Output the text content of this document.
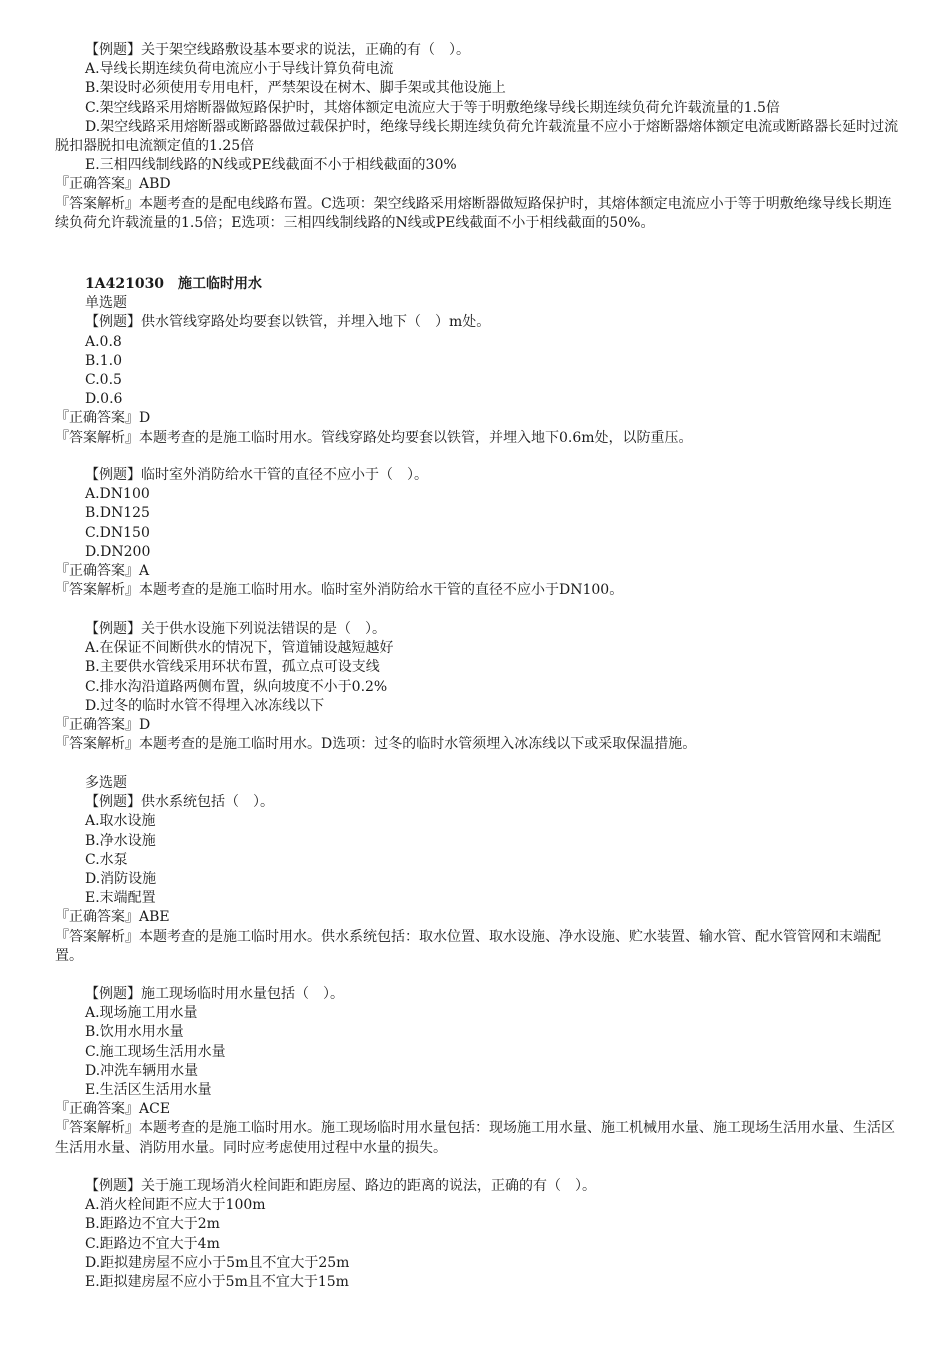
【例题】关于架空线路敷设基本要求的说法，正确的有（　）。
A.导线长期连续负荷电流应小于导线计算负荷电流
B.架设时必须使用专用电杆，严禁架设在树木、脚手架或其他设施上
C.架空线路采用熔断器做短路保护时，其熔体额定电流应大于等于明敷绝缘导线长期连续负荷允许载流量的1.5倍
D.架空线路采用熔断器或断路器做过载保护时，绝缘导线长期连续负荷允许载流量不应小于熔断器熔体额定电流或断路器长延时过流脱扣器脱扣电流额定值的1.25倍
E.三相四线制线路的N线或PE线截面不小于相线截面的30%
『正确答案』ABD
『答案解析』本题考查的是配电线路布置。C选项：架空线路采用熔断器做短路保护时，其熔体额定电流应小于等于明敷绝缘导线长期连续负荷允许载流量的1.5倍；E选项：三相四线制线路的N线或PE线截面不小于相线截面的50%。
1A421030　施工临时用水
单选题
【例题】供水管线穿路处均要套以铁管，并埋入地下（　）m处。
A.0.8
B.1.0
C.0.5
D.0.6
『正确答案』D
『答案解析』本题考查的是施工临时用水。管线穿路处均要套以铁管，并埋入地下0.6m处，以防重压。
【例题】临时室外消防给水干管的直径不应小于（　）。
A.DN100
B.DN125
C.DN150
D.DN200
『正确答案』A
『答案解析』本题考查的是施工临时用水。临时室外消防给水干管的直径不应小于DN100。
【例题】关于供水设施下列说法错误的是（　）。
A.在保证不间断供水的情况下，管道铺设越短越好
B.主要供水管线采用环状布置，孤立点可设支线
C.排水沟沿道路两侧布置，纵向坡度不小于0.2%
D.过冬的临时水管不得埋入冰冻线以下
『正确答案』D
『答案解析』本题考查的是施工临时用水。D选项：过冬的临时水管须埋入冰冻线以下或采取保温措施。
多选题
【例题】供水系统包括（　）。
A.取水设施
B.净水设施
C.水泵
D.消防设施
E.末端配置
『正确答案』ABE
『答案解析』本题考查的是施工临时用水。供水系统包括：取水位置、取水设施、净水设施、贮水装置、输水管、配水管管网和末端配置。
【例题】施工现场临时用水量包括（　）。
A.现场施工用水量
B.饮用水用水量
C.施工现场生活用水量
D.冲洗车辆用水量
E.生活区生活用水量
『正确答案』ACE
『答案解析』本题考查的是施工临时用水。施工现场临时用水量包括：现场施工用水量、施工机械用水量、施工现场生活用水量、生活区生活用水量、消防用水量。同时应考虑使用过程中水量的损失。
【例题】关于施工现场消火栓间距和距房屋、路边的距离的说法，正确的有（　）。
A.消火栓间距不应大于100m
B.距路边不宜大于2m
C.距路边不宜大于4m
D.距拟建房屋不应小于5m且不宜大于25m
E.距拟建房屋不应小于5m且不宜大于15m
